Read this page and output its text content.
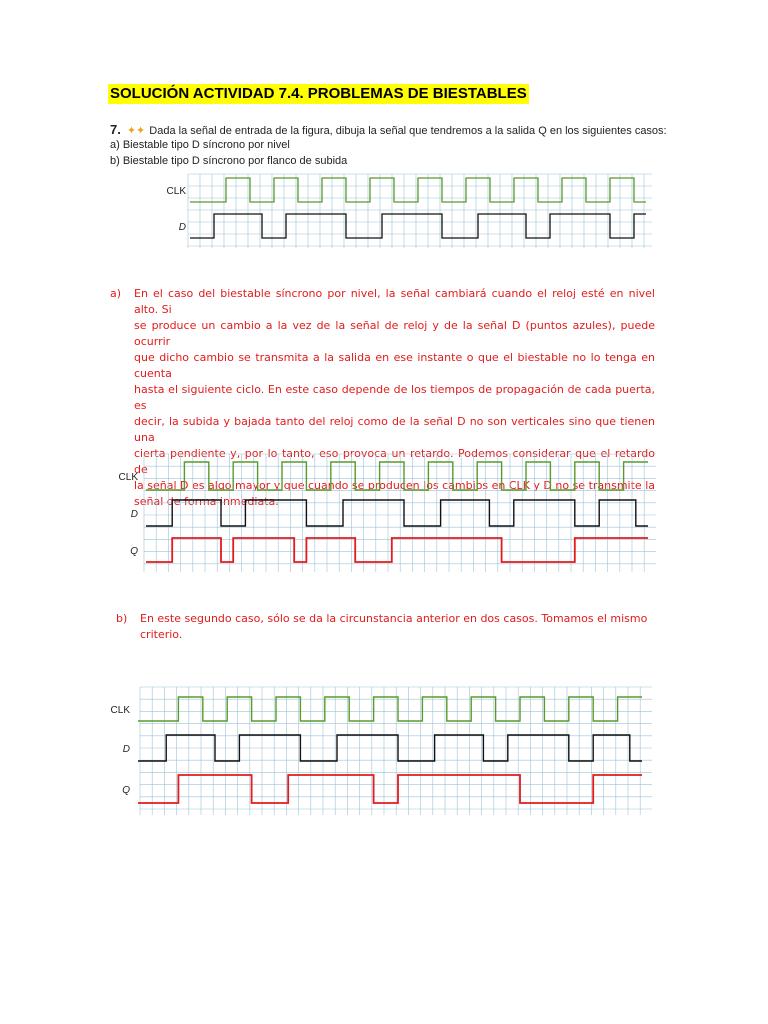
SOLUCIÓN ACTIVIDAD 7.4. PROBLEMAS DE BIESTABLES
7. ✦✦ Dada la señal de entrada de la figura, dibuja la señal que tendremos a la salida Q en los siguientes casos:
a) Biestable tipo D síncrono por nivel
b) Biestable tipo D síncrono por flanco de subida
CLK
D
a) En el caso del biestable síncrono por nivel, la señal cambiará cuando el reloj esté en nivel alto. Si
se produce un cambio a la vez de la señal de reloj y de la señal D (puntos azules), puede ocurrir
que dicho cambio se transmita a la salida en ese instante o que el biestable no lo tenga en cuenta
hasta el siguiente ciclo. En este caso depende de los tiempos de propagación de cada puerta, es
decir, la subida y bajada tanto del reloj como de la señal D no son verticales sino que tienen una
cierta pendiente y, por lo tanto, eso provoca un retardo. Podemos considerar que el retardo de
la señal D es algo mayor y que cuando se producen los cambios en CLK y D no se transmite la
señal de forma inmediata.
CLK
D
Q
b) En este segundo caso, sólo se da la circunstancia anterior en dos casos. Tomamos el mismo
criterio.
CLK
D
Q
